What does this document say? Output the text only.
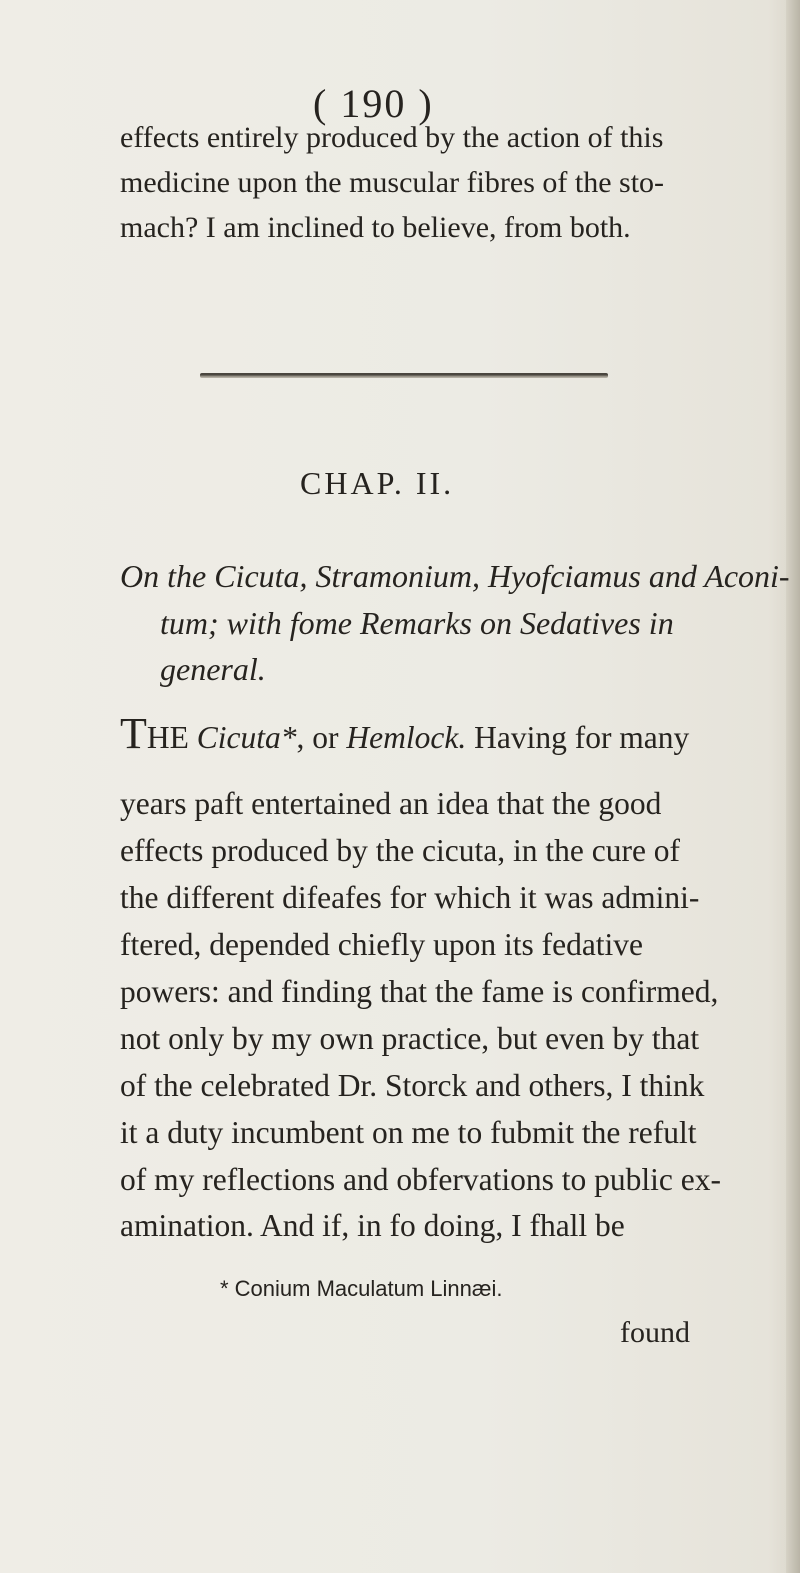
( 190 )
effects entirely produced by the action of this
medicine upon the muscular fibres of the sto-
mach? I am inclined to believe, from both.
CHAP. II.
On the Cicuta, Stramonium, Hyofciamus and Aconi-
tum; with fome Remarks on Sedatives in
general.
THE Cicuta*, or Hemlock. Having for many
years paft entertained an idea that the good
effects produced by the cicuta, in the cure of
the different difeafes for which it was admini-
ftered, depended chiefly upon its fedative
powers: and finding that the fame is confirmed,
not only by my own practice, but even by that
of the celebrated Dr. Storck and others, I think
it a duty incumbent on me to fubmit the refult
of my reflections and obfervations to public ex-
amination. And if, in fo doing, I fhall be
* Conium Maculatum Linnæi.
found
